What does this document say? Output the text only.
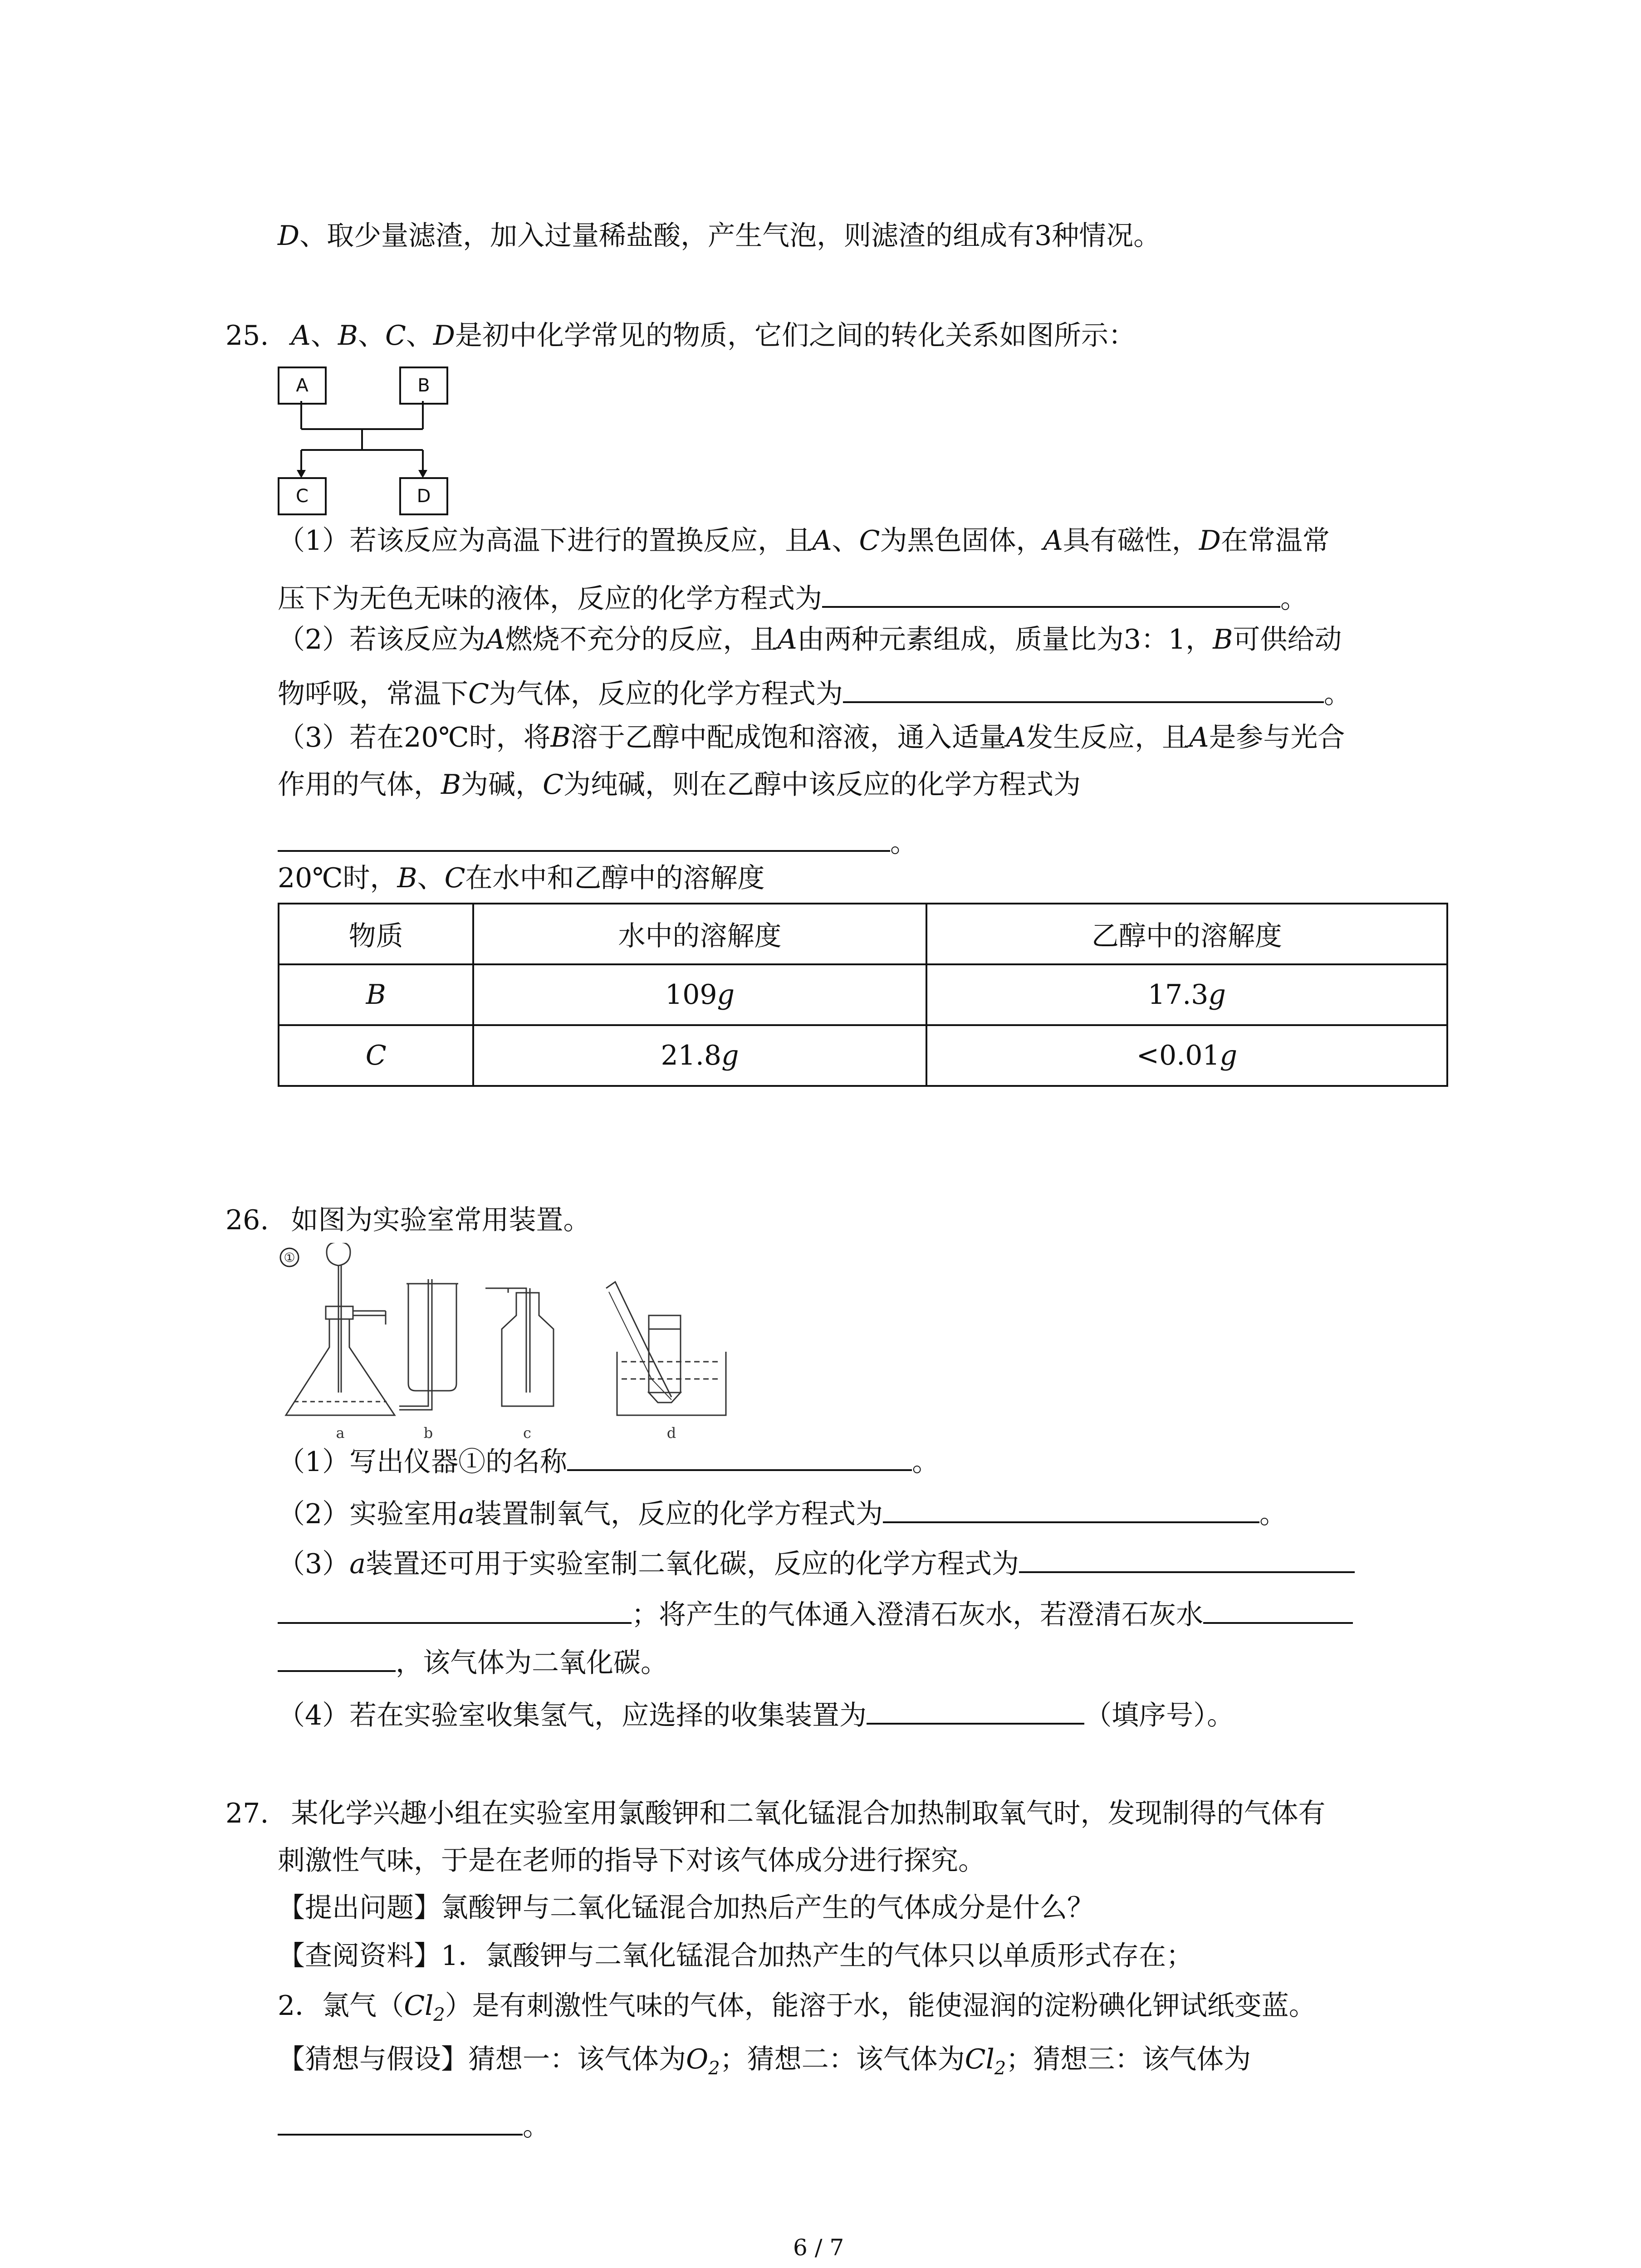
D、取少量滤渣，加入过量稀盐酸，产生气泡，则滤渣的组成有3种情况。
25. A、B、C、D是初中化学常见的物质，它们之间的转化关系如图所示：
A	B
C	D
（1）若该反应为高温下进行的置换反应，且A、C为黑色固体，A具有磁性，D在常温常
压下为无色无味的液体，反应的化学方程式为	。
（2）若该反应为A燃烧不充分的反应，且A由两种元素组成，质量比为3：1，B可供给动
物呼吸，常温下C为气体，反应的化学方程式为	。
（3）若在20℃时，将B溶于乙醇中配成饱和溶液，通入适量A发生反应，且A是参与光合
作用的气体，B为碱，C为纯碱，则在乙醇中该反应的化学方程式为
。
20℃时，B、C在水中和乙醇中的溶解度
物质	水中的溶解度	乙醇中的溶解度
B	109g	17.3g
C	21.8g	<0.01g
26. 如图为实验室常用装置。
①
a	b	c	d
（1）写出仪器①的名称	。
（2）实验室用a装置制氧气，反应的化学方程式为	。
（3）a装置还可用于实验室制二氧化碳，反应的化学方程式为
；将产生的气体通入澄清石灰水，若澄清石灰水
，该气体为二氧化碳。
（4）若在实验室收集氢气，应选择的收集装置为	（填序号）。
27. 某化学兴趣小组在实验室用氯酸钾和二氧化锰混合加热制取氧气时，发现制得的气体有
刺激性气味，于是在老师的指导下对该气体成分进行探究。
【提出问题】氯酸钾与二氧化锰混合加热后产生的气体成分是什么？
【查阅资料】1．氯酸钾与二氧化锰混合加热产生的气体只以单质形式存在；
2．氯气$(Cl_2)$是有刺激性气味的气体，能溶于水，能使湿润的淀粉碘化钾试纸变蓝。
【猜想与假设】猜想一：该气体为$O_2$；猜想二：该气体为$Cl_2$；猜想三：该气体为
。
6 / 7
